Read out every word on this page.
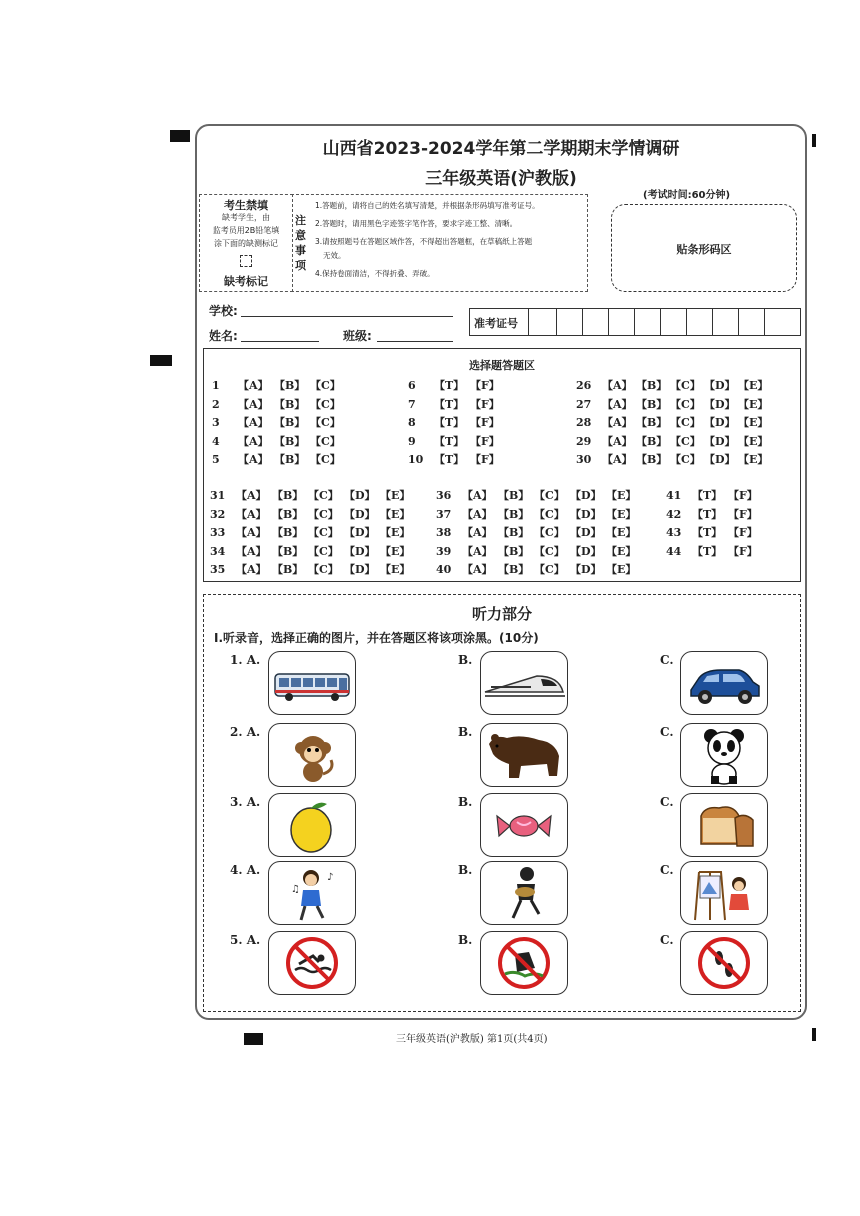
山西省2023-2024学年第二学期期末学情调研
三年级英语(沪教版)
(考试时间:60分钟)
考生禁填
缺考学生，由
监考员用2B铅笔填
涂下面的缺测标记
缺考标记
注意事项
1.答题前，请将自己的姓名填写清楚，并根据条形码填写准考证号。
2.答题时，请用黑色字迹签字笔作答，要求字迹工整、清晰。
3.请按照题号在答题区域作答，不得超出答题框，在草稿纸上答题
无效。
4.保持卷面清洁，不得折叠、弄破。
贴条形码区
学校:
姓名:	班级:
准考证号
选择题答题区
1 【A】 【B】 【C】
2 【A】 【B】 【C】
3 【A】 【B】 【C】
4 【A】 【B】 【C】
5 【A】 【B】 【C】
6 【T】 【F】
7 【T】 【F】
8 【T】 【F】
9 【T】 【F】
10 【T】 【F】
26 【A】 【B】 【C】 【D】 【E】
27 【A】 【B】 【C】 【D】 【E】
28 【A】 【B】 【C】 【D】 【E】
29 【A】 【B】 【C】 【D】 【E】
30 【A】 【B】 【C】 【D】 【E】
31 【A】 【B】 【C】 【D】 【E】
32 【A】 【B】 【C】 【D】 【E】
33 【A】 【B】 【C】 【D】 【E】
34 【A】 【B】 【C】 【D】 【E】
35 【A】 【B】 【C】 【D】 【E】
36 【A】 【B】 【C】 【D】 【E】
37 【A】 【B】 【C】 【D】 【E】
38 【A】 【B】 【C】 【D】 【E】
39 【A】 【B】 【C】 【D】 【E】
40 【A】 【B】 【C】 【D】 【E】
41 【T】 【F】
42 【T】 【F】
43 【T】 【F】
44 【T】 【F】
听力部分
Ⅰ.听录音，选择正确的图片，并在答题区将该项涂黑。(10分)
1. A.	B.	C.
2. A.	B.	C.
3. A.	B.	C.
4. A.	B.	C.
♪
♫
5. A.	B.	C.
三年级英语(沪教版) 第1页(共4页)
